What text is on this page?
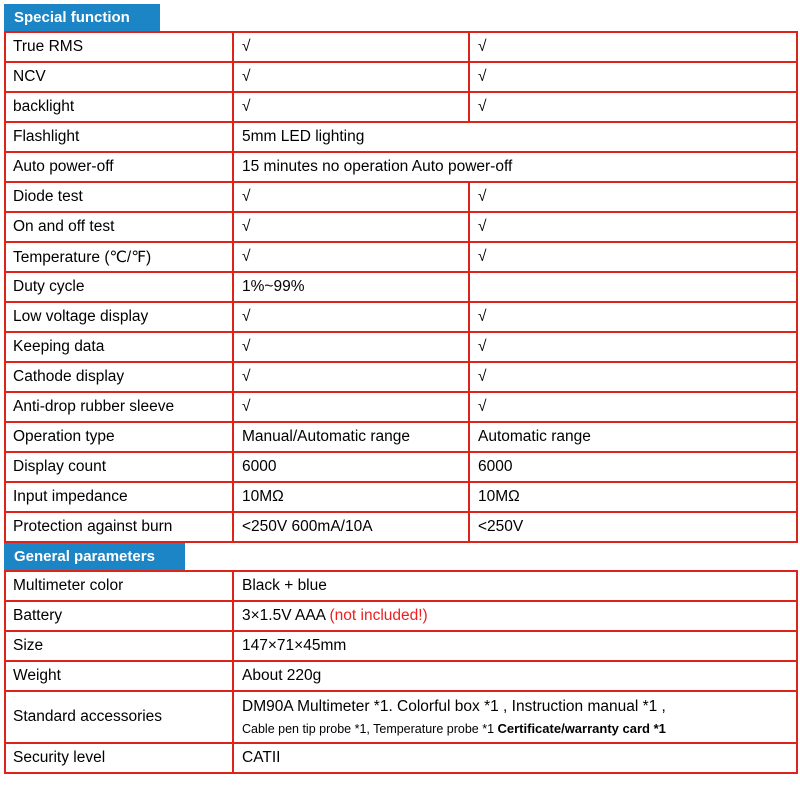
Special function
True RMS	√	√
NCV	√	√
backlight	√	√
Flashlight	5mm LED lighting	
Auto power-off	15 minutes no operation Auto power-off	
Diode test	√	√
On and off test	√	√
Temperature (℃/℉)	√	√
Duty cycle	1%~99%	
Low voltage display	√	√
Keeping data	√	√
Cathode display	√	√
Anti-drop rubber sleeve	√	√
Operation type	Manual/Automatic range	Automatic range
Display count	6000	6000
Input impedance	10MΩ	10MΩ
Protection against burn	<250V 600mA/10A	<250V
General parameters
Multimeter color	Black + blue
Battery	3×1.5V AAA (not included!)
Size	147×71×45mm
Weight	About 220g
Standard accessories	DM90A Multimeter *1. Colorful box *1 , Instruction manual *1 ,
Cable pen tip probe *1, Temperature probe *1 Certificate/warranty card *1

Security level	CATII
